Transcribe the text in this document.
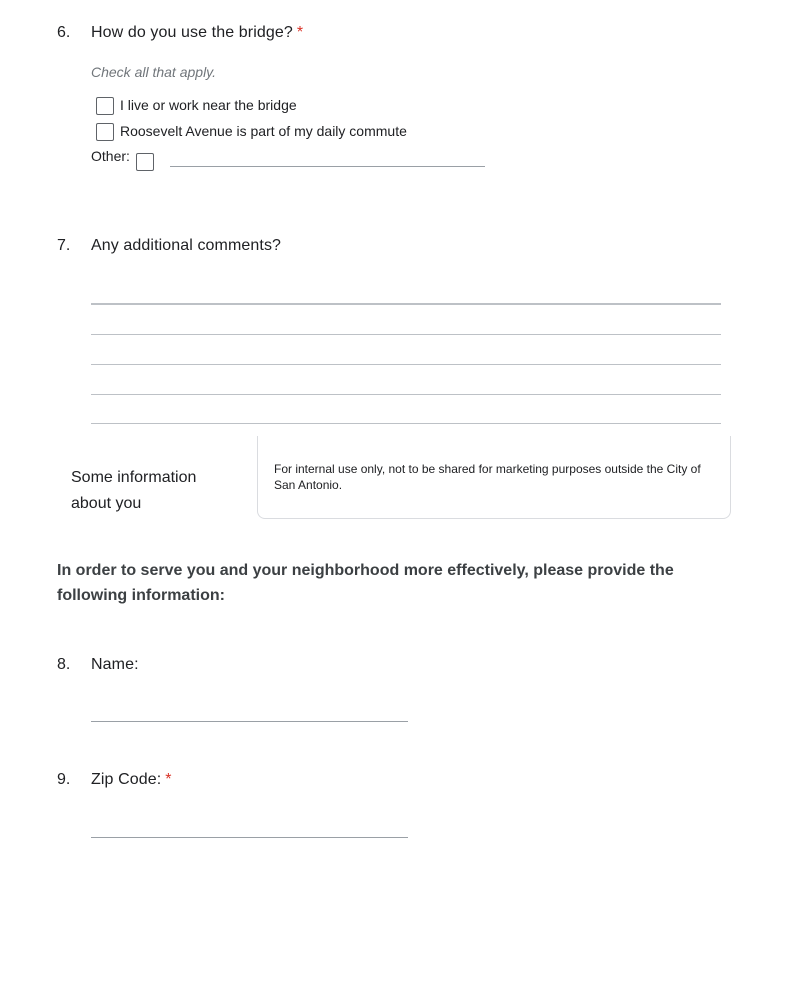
6. How do you use the bridge? *
Check all that apply.
I live or work near the bridge
Roosevelt Avenue is part of my daily commute
Other:
7. Any additional comments?
Some information about you
For internal use only, not to be shared for marketing purposes outside the City of San Antonio.
In order to serve you and your neighborhood more effectively, please provide the following information:
8. Name:
9. Zip Code: *
